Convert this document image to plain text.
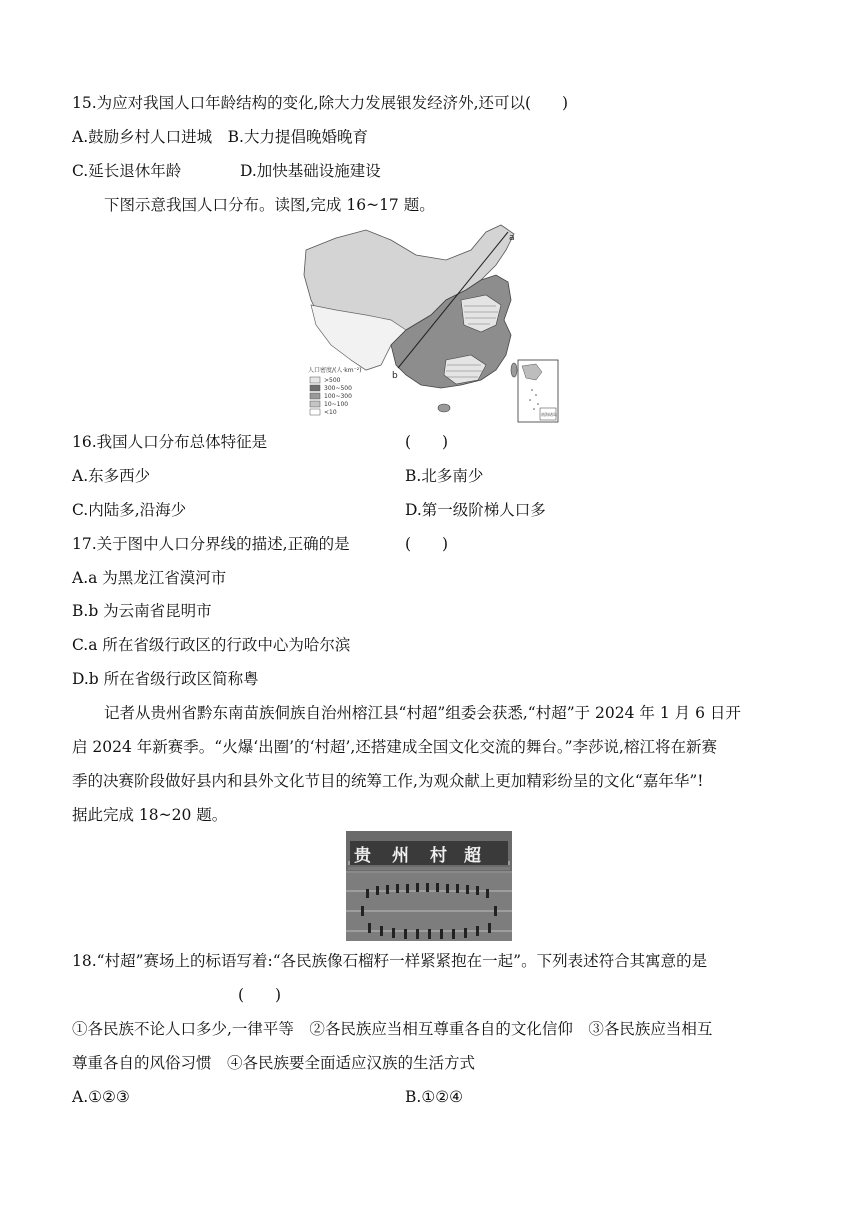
15.为应对我国人口年龄结构的变化,除大力发展银发经济外,还可以(　　)
A.鼓励乡村人口进城　B.大力提倡晚婚晚育
C.延长退休年龄	D.加快基础设施建设
下图示意我国人口分布。读图,完成 16~17 题。
a
b
人口密度/(人·km⁻²)
>500
300~500
100~300
10~100
<10	南海诸岛
16.我国人口分布总体特征是	(　　)
A.东多西少	B.北多南少
C.内陆多,沿海少	D.第一级阶梯人口多
17.关于图中人口分界线的描述,正确的是	(　　)
A.a 为黑龙江省漠河市
B.b 为云南省昆明市
C.a 所在省级行政区的行政中心为哈尔滨
D.b 所在省级行政区简称粤
记者从贵州省黔东南苗族侗族自治州榕江县“村超”组委会获悉,“村超”于 2024 年 1 月 6 日开
启 2024 年新赛季。“火爆‘出圈’的‘村超’,还搭建成全国文化交流的舞台。”李莎说,榕江将在新赛
季的决赛阶段做好县内和县外文化节目的统筹工作,为观众献上更加精彩纷呈的文化“嘉年华”!
据此完成 18~20 题。
贵 州 村 超
18.“村超”赛场上的标语写着:“各民族像石榴籽一样紧紧抱在一起”。下列表述符合其寓意的是
(　　)
①各民族不论人口多少,一律平等　②各民族应当相互尊重各自的文化信仰　③各民族应当相互
尊重各自的风俗习惯　④各民族要全面适应汉族的生活方式
A.①②③	B.①②④
